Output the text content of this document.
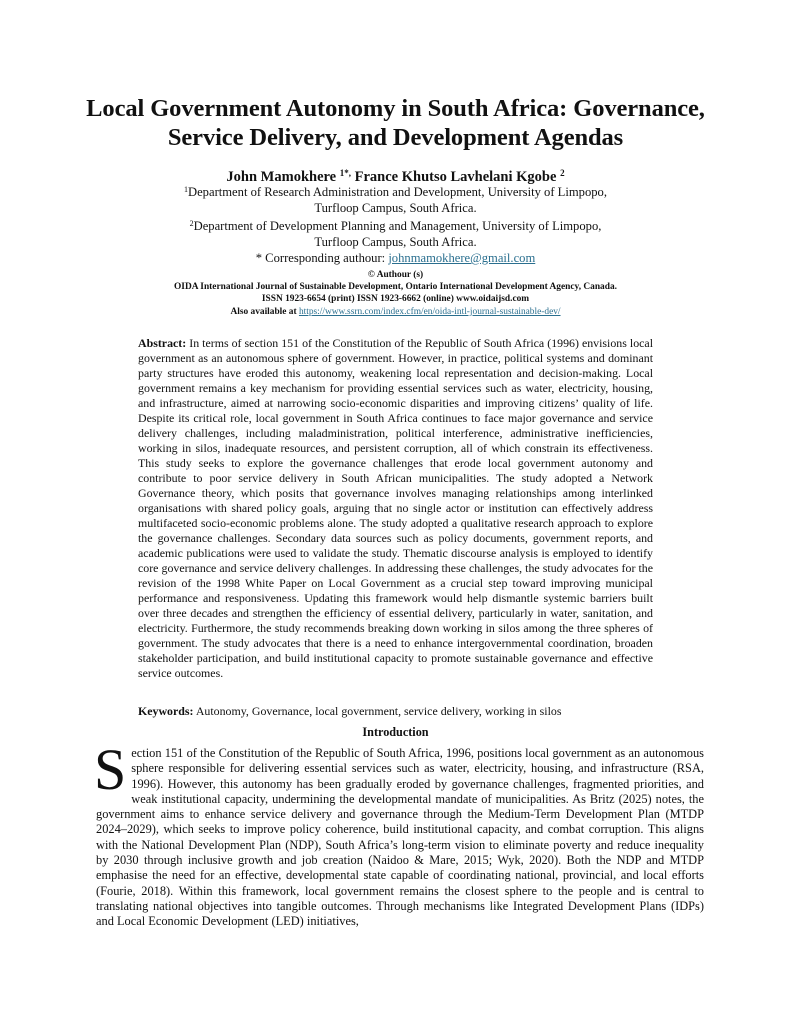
Local Government Autonomy in South Africa: Governance, Service Delivery, and Development Agendas
John Mamokhere $^{1*,}$ France Khutso Lavhelani Kgobe $^2$
$^1$Department of Research Administration and Development, University of Limpopo,
Turfloop Campus, South Africa.
$^2$Department of Development Planning and Management, University of Limpopo,
Turfloop Campus, South Africa.
* Corresponding authour: johnmamokhere@gmail.com
© Authour (s)
OIDA International Journal of Sustainable Development, Ontario International Development Agency, Canada.
ISSN 1923-6654 (print) ISSN 1923-6662 (online) www.oidaijsd.com
Also available at https://www.ssrn.com/index.cfm/en/oida-intl-journal-sustainable-dev/
Abstract: In terms of section 151 of the Constitution of the Republic of South Africa (1996) envisions local government as an autonomous sphere of government. However, in practice, political systems and dominant party structures have eroded this autonomy, weakening local representation and decision-making. Local government remains a key mechanism for providing essential services such as water, electricity, housing, and infrastructure, aimed at narrowing socio-economic disparities and improving citizens’ quality of life. Despite its critical role, local government in South Africa continues to face major governance and service delivery challenges, including maladministration, political interference, administrative inefficiencies, working in silos, inadequate resources, and persistent corruption, all of which constrain its effectiveness. This study seeks to explore the governance challenges that erode local government autonomy and contribute to poor service delivery in South African municipalities. The study adopted a Network Governance theory, which posits that governance involves managing relationships among interlinked organisations with shared policy goals, arguing that no single actor or institution can effectively address multifaceted socio-economic problems alone. The study adopted a qualitative research approach to explore the governance challenges. Secondary data sources such as policy documents, government reports, and academic publications were used to validate the study. Thematic discourse analysis is employed to identify core governance and service delivery challenges. In addressing these challenges, the study advocates for the revision of the 1998 White Paper on Local Government as a crucial step toward improving municipal performance and responsiveness. Updating this framework would help dismantle systemic barriers built over three decades and strengthen the efficiency of essential delivery, particularly in water, sanitation, and electricity. Furthermore, the study recommends breaking down working in silos among the three spheres of government. The study advocates that there is a need to enhance intergovernmental coordination, broaden stakeholder participation, and build institutional capacity to promote sustainable governance and effective service outcomes.
Keywords: Autonomy, Governance, local government, service delivery, working in silos
Introduction
Section 151 of the Constitution of the Republic of South Africa, 1996, positions local government as an autonomous sphere responsible for delivering essential services such as water, electricity, housing, and infrastructure (RSA, 1996). However, this autonomy has been gradually eroded by governance challenges, fragmented priorities, and weak institutional capacity, undermining the developmental mandate of municipalities. As Britz (2025) notes, the government aims to enhance service delivery and governance through the Medium-Term Development Plan (MTDP 2024–2029), which seeks to improve policy coherence, build institutional capacity, and combat corruption. This aligns with the National Development Plan (NDP), South Africa’s long-term vision to eliminate poverty and reduce inequality by 2030 through inclusive growth and job creation (Naidoo & Mare, 2015; Wyk, 2020). Both the NDP and MTDP emphasise the need for an effective, developmental state capable of coordinating national, provincial, and local efforts (Fourie, 2018). Within this framework, local government remains the closest sphere to the people and is central to translating national objectives into tangible outcomes. Through mechanisms like Integrated Development Plans (IDPs) and Local Economic Development (LED) initiatives,
